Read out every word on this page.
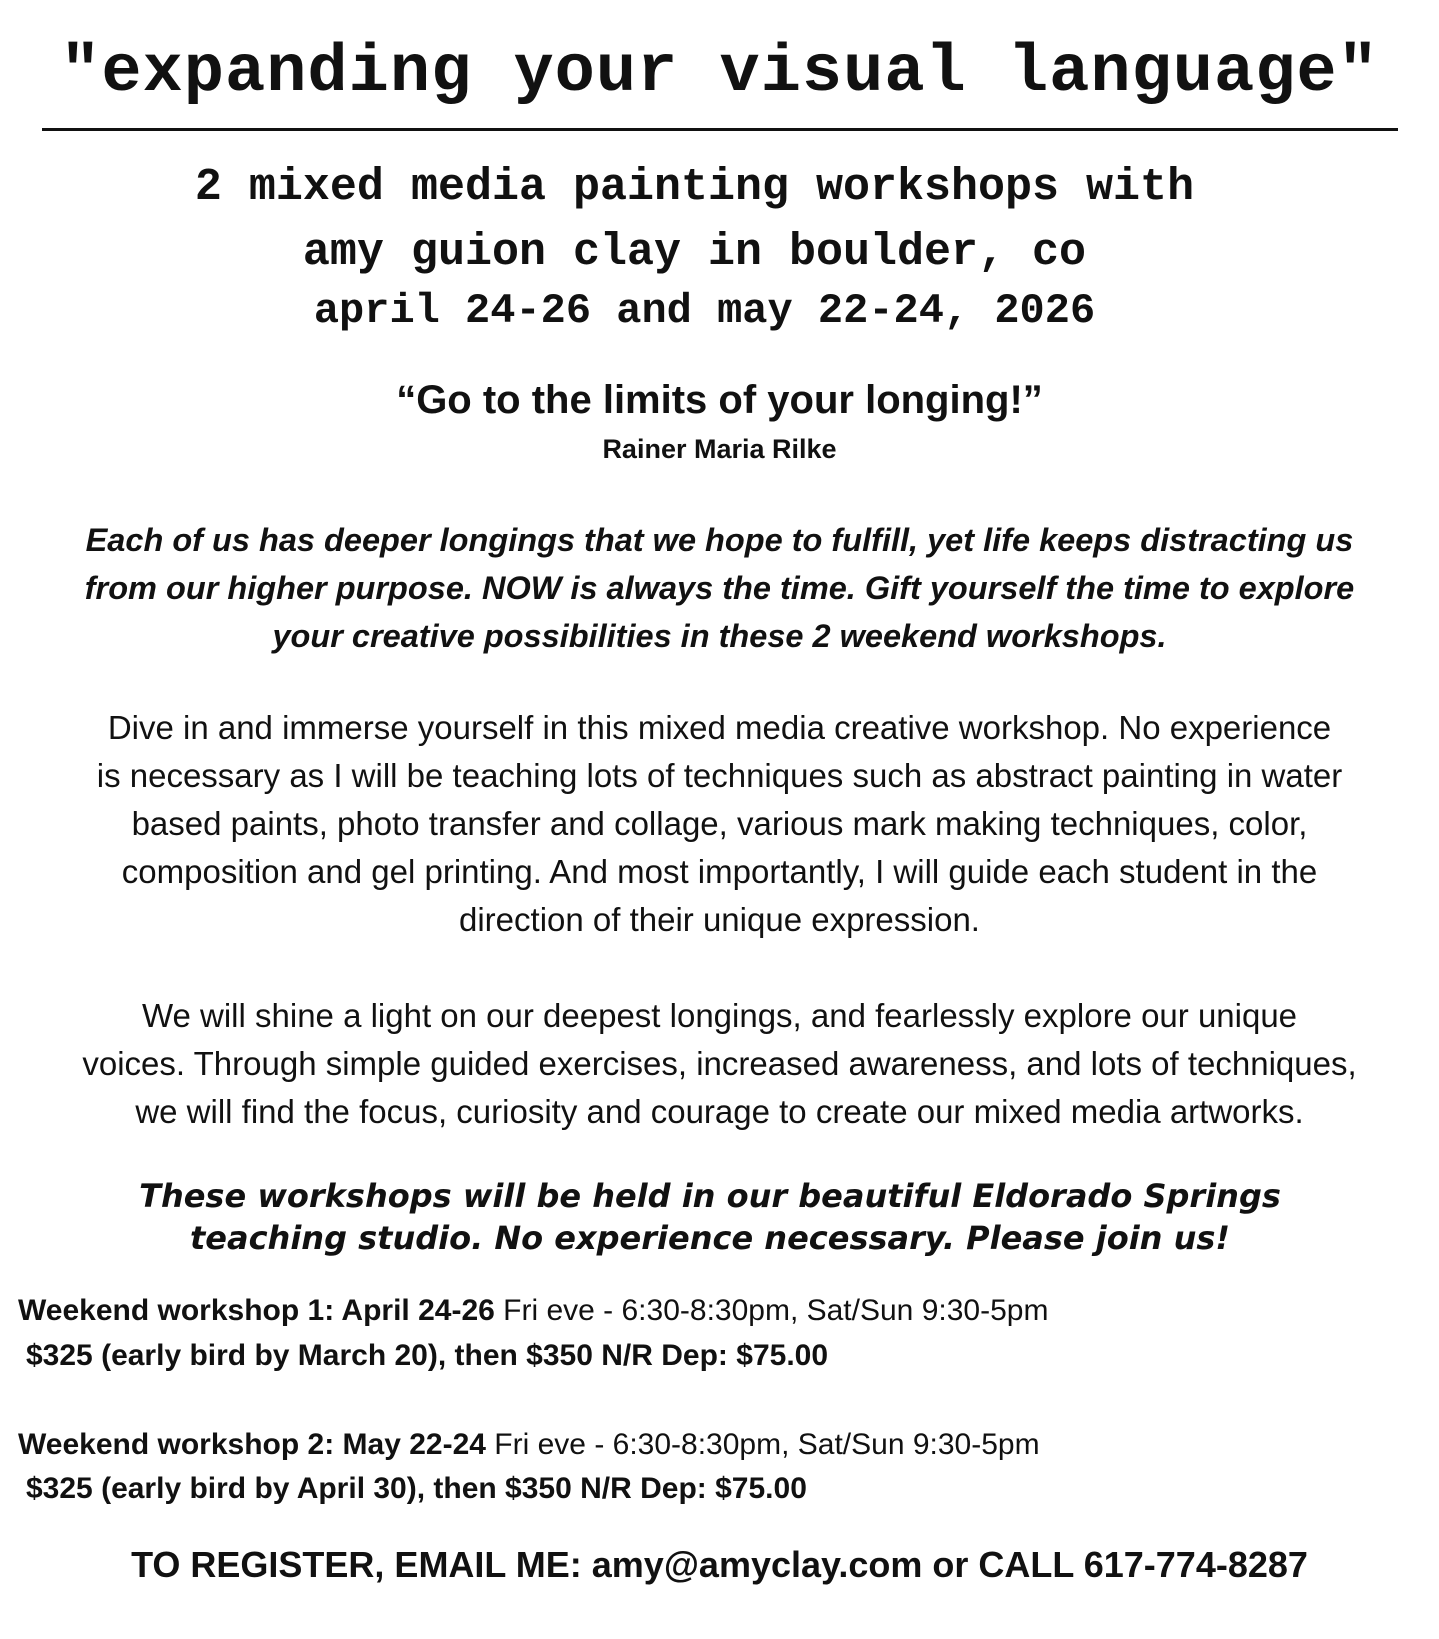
"expanding your visual language"
2 mixed media painting workshops with
amy guion clay in boulder, co
april 24-26 and may 22-24, 2026
“Go to the limits of your longing!”
Rainer Maria Rilke
Each of us has deeper longings that we hope to fulfill, yet life keeps distracting us
from our higher purpose. NOW is always the time. Gift yourself the time to explore
your creative possibilities in these 2 weekend workshops.
Dive in and immerse yourself in this mixed media creative workshop. No experience
is necessary as I will be teaching lots of techniques such as abstract painting in water
based paints, photo transfer and collage, various mark making techniques, color,
composition and gel printing. And most importantly, I will guide each student in the
direction of their unique expression.
We will shine a light on our deepest longings, and fearlessly explore our unique
voices. Through simple guided exercises, increased awareness, and lots of techniques,
we will find the focus, curiosity and courage to create our mixed media artworks.
These workshops will be held in our beautiful Eldorado Springs
teaching studio. No experience necessary. Please join us!
Weekend workshop 1: April 24-26 Fri eve - 6:30-8:30pm, Sat/Sun 9:30-5pm
$325 (early bird by March 20), then $350 N/R Dep: $75.00
Weekend workshop 2: May 22-24 Fri eve - 6:30-8:30pm, Sat/Sun 9:30-5pm
$325 (early bird by April 30), then $350 N/R Dep: $75.00
TO REGISTER, EMAIL ME: amy@amyclay.com or CALL 617-774-8287
